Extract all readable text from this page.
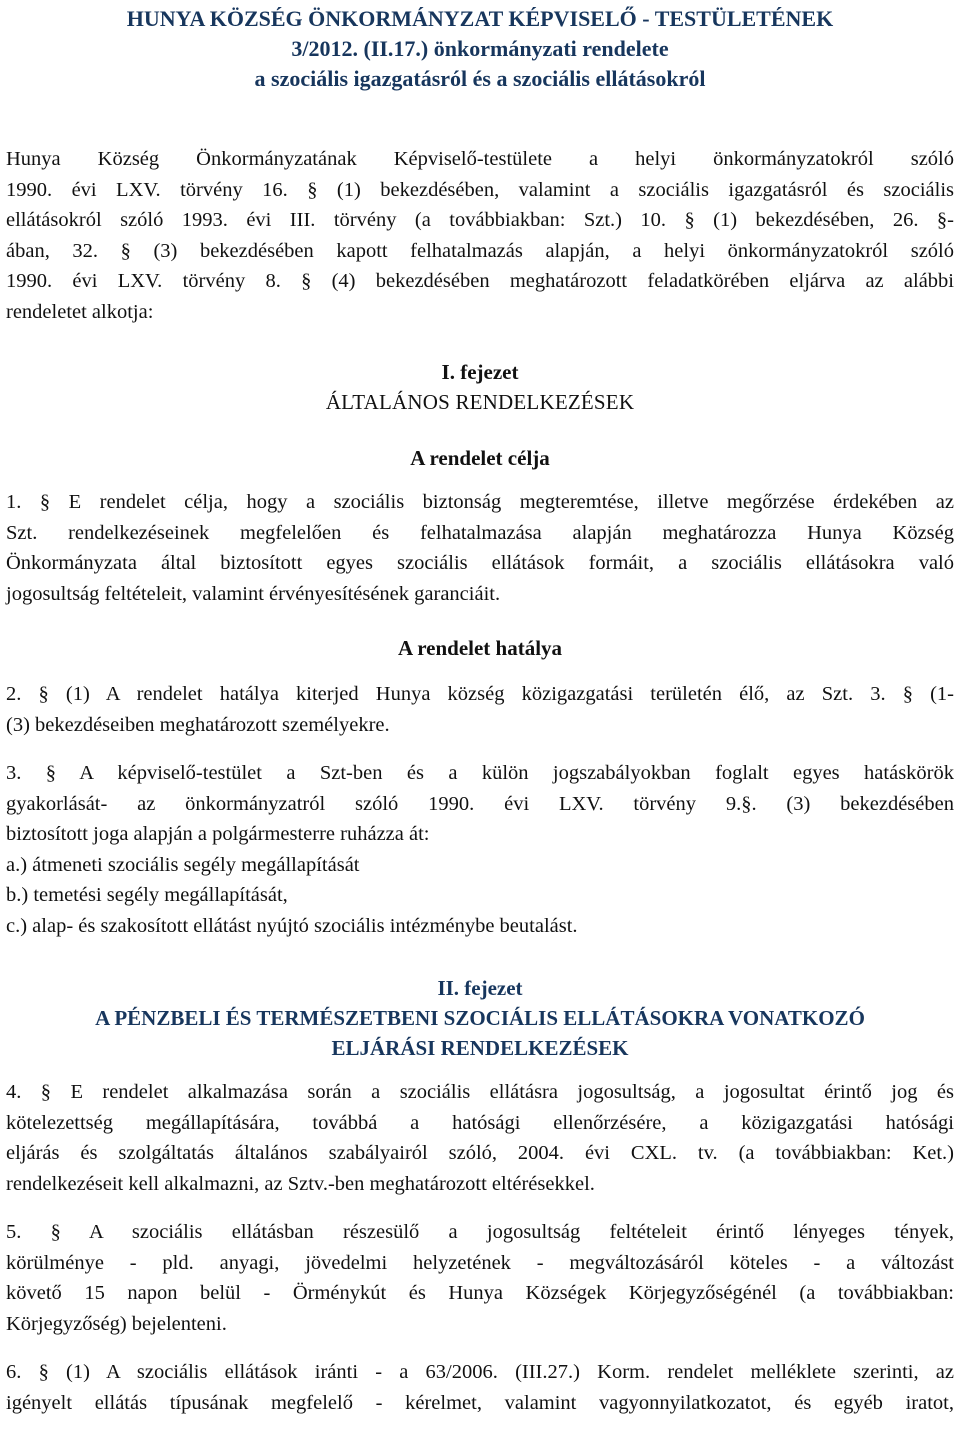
HUNYA KÖZSÉG ÖNKORMÁNYZAT KÉPVISELŐ - TESTÜLETÉNEK
3/2012. (II.17.) önkormányzati rendelete
a szociális igazgatásról és a szociális ellátásokról
Hunya Község Önkormányzatának Képviselő-testülete a helyi önkormányzatokról szóló
1990. évi LXV. törvény 16. § (1) bekezdésében, valamint a szociális igazgatásról és szociális
ellátásokról szóló 1993. évi III. törvény (a továbbiakban: Szt.) 10. § (1) bekezdésében, 26. §-
ában, 32. § (3) bekezdésében kapott felhatalmazás alapján, a helyi önkormányzatokról szóló
1990. évi LXV. törvény 8. § (4) bekezdésében meghatározott feladatkörében eljárva az alábbi
rendeletet alkotja:

I. fejezet

ÁLTALÁNOS RENDELKEZÉSEK

A rendelet célja

1. § E rendelet célja, hogy a szociális biztonság megteremtése, illetve megőrzése érdekében az
Szt. rendelkezéseinek megfelelően és felhatalmazása alapján meghatározza Hunya Község
Önkormányzata által biztosított egyes szociális ellátások formáit, a szociális ellátásokra való
jogosultság feltételeit, valamint érvényesítésének garanciáit.

A rendelet hatálya

2. § (1) A rendelet hatálya kiterjed Hunya község közigazgatási területén élő, az Szt. 3. § (1-
(3) bekezdéseiben meghatározott személyekre.
3. § A képviselő-testület a Szt-ben és a külön jogszabályokban foglalt egyes hatáskörök
gyakorlását- az önkormányzatról szóló 1990. évi LXV. törvény 9.§. (3) bekezdésében
biztosított joga alapján a polgármesterre ruházza át:
a.) átmeneti szociális segély megállapítását
b.) temetési segély megállapítását,
c.) alap- és szakosított ellátást nyújtó szociális intézménybe beutalást.

II. fejezet

A PÉNZBELI ÉS TERMÉSZETBENI SZOCIÁLIS ELLÁTÁSOKRA VONATKOZÓ

ELJÁRÁSI RENDELKEZÉSEK

4. § E rendelet alkalmazása során a szociális ellátásra jogosultság, a jogosultat érintő jog és
kötelezettség megállapítására, továbbá a hatósági ellenőrzésére, a közigazgatási hatósági
eljárás és szolgáltatás általános szabályairól szóló, 2004. évi CXL. tv. (a továbbiakban: Ket.)
rendelkezéseit kell alkalmazni, az Sztv.-ben meghatározott eltérésekkel.
5. § A szociális ellátásban részesülő a jogosultság feltételeit érintő lényeges tények,
körülménye - pld. anyagi, jövedelmi helyzetének - megváltozásáról köteles - a változást
követő 15 napon belül - Örménykút és Hunya Községek Körjegyzőségénél (a továbbiakban:
Körjegyzőség) bejelenteni.
6. § (1) A szociális ellátások iránti - a 63/2006. (III.27.) Korm. rendelet melléklete szerinti, az
igényelt ellátás típusának megfelelő - kérelmet, valamint vagyonnyilatkozatot, és egyéb iratot,
